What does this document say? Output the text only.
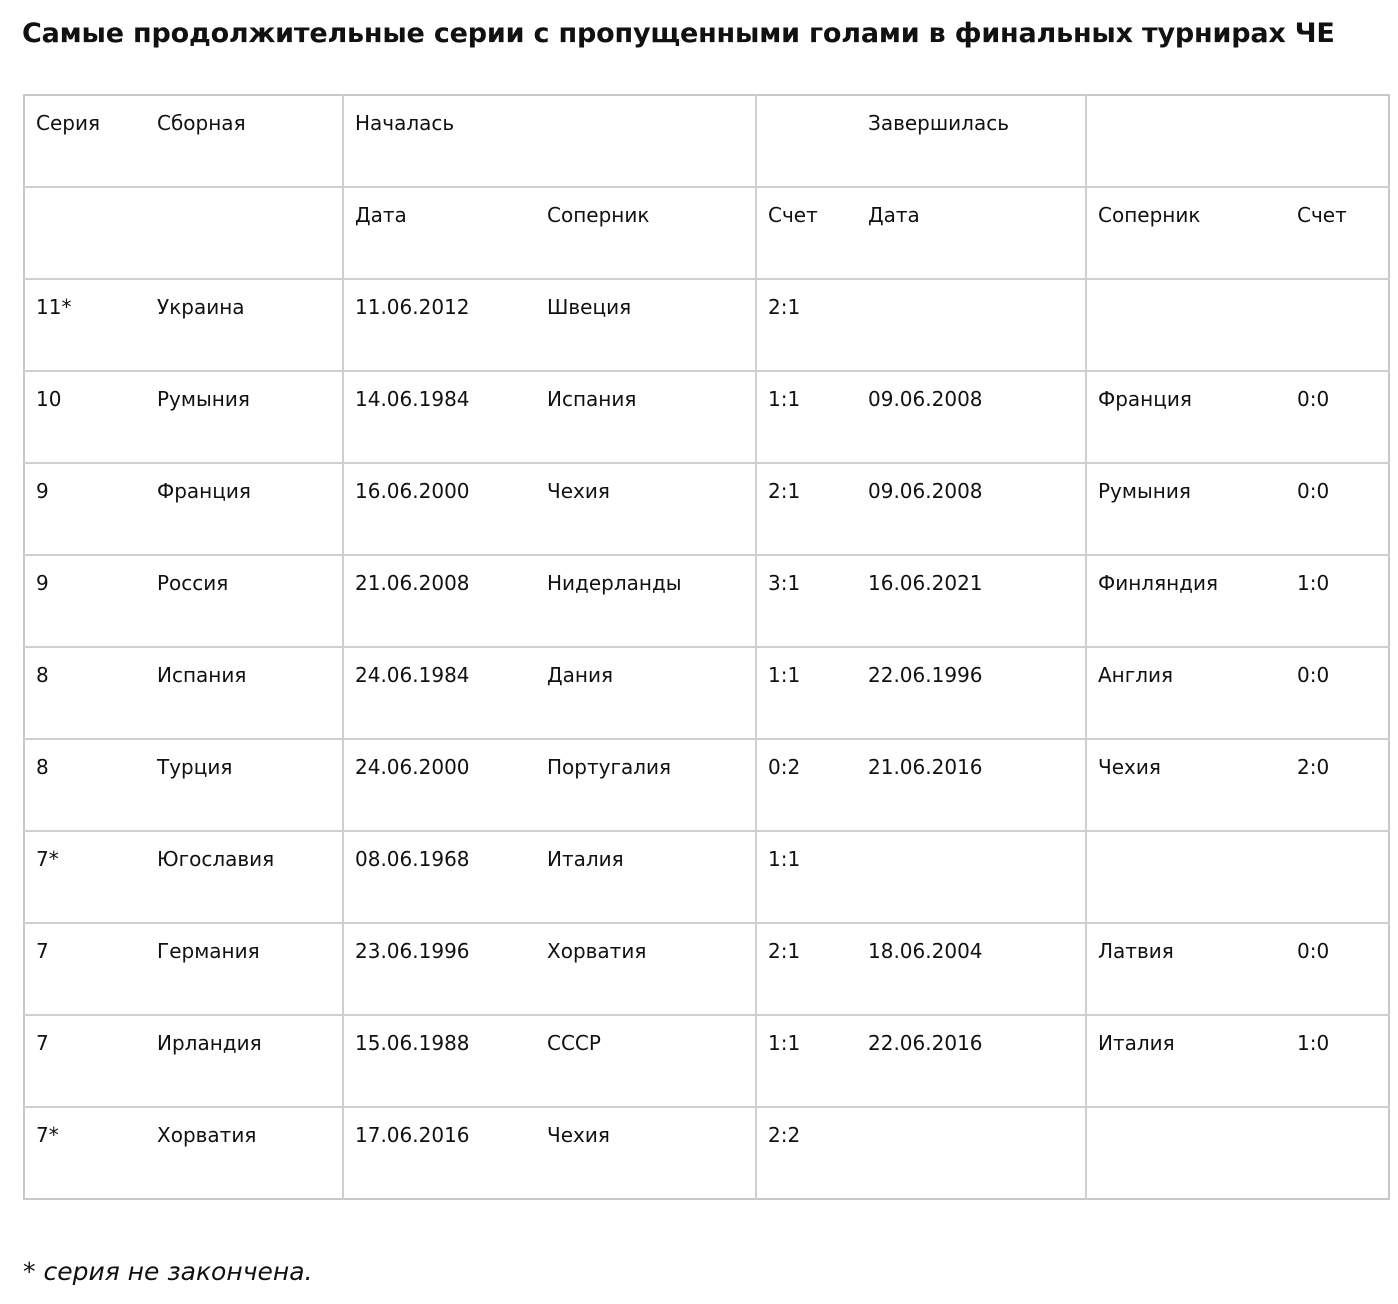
Самые продолжительные серии с пропущенными голами в финальных турнирах ЧЕ
Серия	Сборная	Началась			Завершилась		
		Дата	Соперник	Счет	Дата	Соперник	Счет
11*	Украина	11.06.2012	Швеция	2:1			
10	Румыния	14.06.1984	Испания	1:1	09.06.2008	Франция	0:0
9	Франция	16.06.2000	Чехия	2:1	09.06.2008	Румыния	0:0
9	Россия	21.06.2008	Нидерланды	3:1	16.06.2021	Финляндия	1:0
8	Испания	24.06.1984	Дания	1:1	22.06.1996	Англия	0:0
8	Турция	24.06.2000	Португалия	0:2	21.06.2016	Чехия	2:0
7*	Югославия	08.06.1968	Италия	1:1			
7	Германия	23.06.1996	Хорватия	2:1	18.06.2004	Латвия	0:0
7	Ирландия	15.06.1988	СССР	1:1	22.06.2016	Италия	1:0
7*	Хорватия	17.06.2016	Чехия	2:2			

* серия не закончена.
